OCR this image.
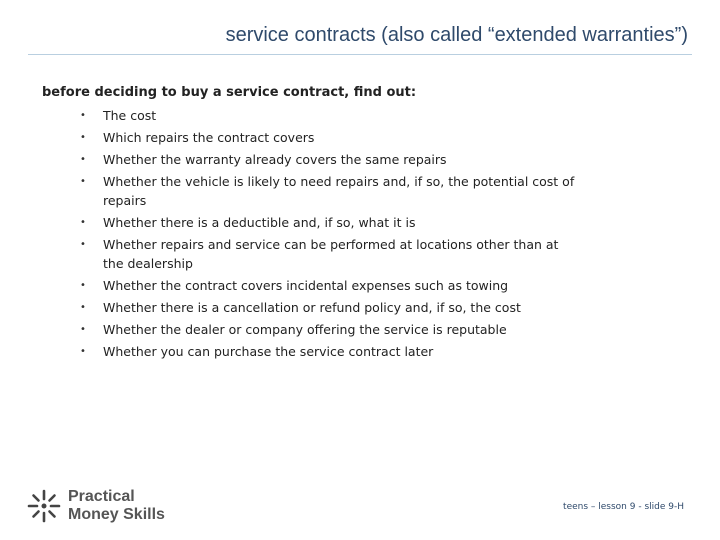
service contracts (also called “extended warranties”)

before deciding to buy a service contract, find out:

• The cost
• Which repairs the contract covers
• Whether the warranty already covers the same repairs
• Whether the vehicle is likely to need repairs and, if so, the potential cost of repairs
• Whether there is a deductible and, if so, what it is
• Whether repairs and service can be performed at locations other than at the dealership
• Whether the contract covers incidental expenses such as towing
• Whether there is a cancellation or refund policy and, if so, the cost
• Whether the dealer or company offering the service is reputable
• Whether you can purchase the service contract later
Practical
Money Skills	teens – lesson 9 - slide 9-H
